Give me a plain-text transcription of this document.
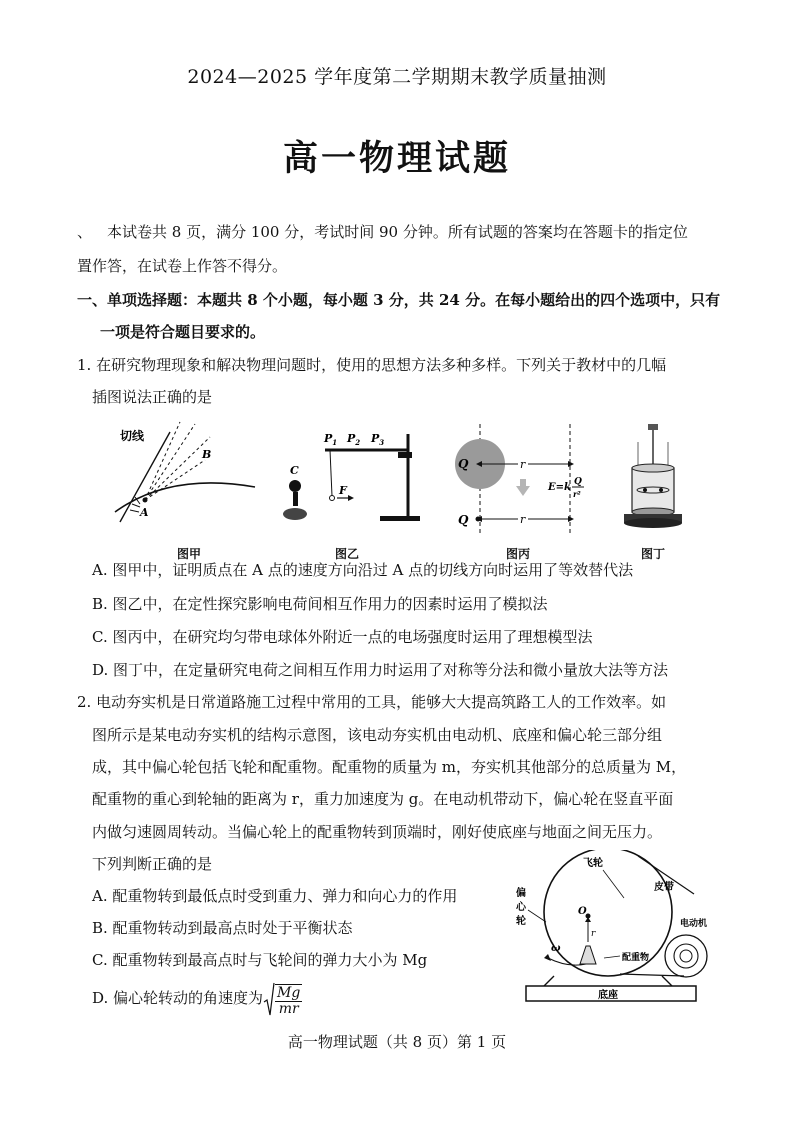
2024—2025 学年度第二学期期末教学质量抽测
高一物理试题
、 本试卷共 8 页，满分 100 分，考试时间 90 分钟。所有试题的答案均在答题卡的指定位
置作答，在试卷上作答不得分。
一、单项选择题：本题共 8 个小题，每小题 3 分，共 24 分。在每小题给出的四个选项中，只有
一项是符合题目要求的。
1. 在研究物理现象和解决物理问题时，使用的思想方法多种多样。下列关于教材中的几幅
插图说法正确的是
切线
A
B
图甲
$P_1$ $P_2$ $P_3$
F
C
图乙
Q	r
E=k Q
r²
Q	r
图丙	图丁
A. 图甲中，证明质点在 A 点的速度方向沿过 A 点的切线方向时运用了等效替代法
B. 图乙中，在定性探究影响电荷间相互作用力的因素时运用了模拟法
C. 图丙中，在研究均匀带电球体外附近一点的电场强度时运用了理想模型法
D. 图丁中，在定量研究电荷之间相互作用力时运用了对称等分法和微小量放大法等方法
2. 电动夯实机是日常道路施工过程中常用的工具，能够大大提高筑路工人的工作效率。如
图所示是某电动夯实机的结构示意图，该电动夯实机由电动机、底座和偏心轮三部分组
成，其中偏心轮包括飞轮和配重物。配重物的质量为 m，夯实机其他部分的总质量为 M，
配重物的重心到轮轴的距离为 r，重力加速度为 g。在电动机带动下，偏心轮在竖直平面
内做匀速圆周转动。当偏心轮上的配重物转到顶端时，刚好使底座与地面之间无压力。
下列判断正确的是
A. 配重物转到最低点时受到重力、弹力和向心力的作用
B. 配重物转动到最高点时处于平衡状态
C. 配重物转到最高点时与飞轮间的弹力大小为 Mg
D. 偏心轮转动的角速度为 $\frac{Mg}{mr}$
飞轮
皮带
电动机
偏
心
轮
O
r
ω
配重物
底座
高一物理试题（共 8 页）第 1 页
